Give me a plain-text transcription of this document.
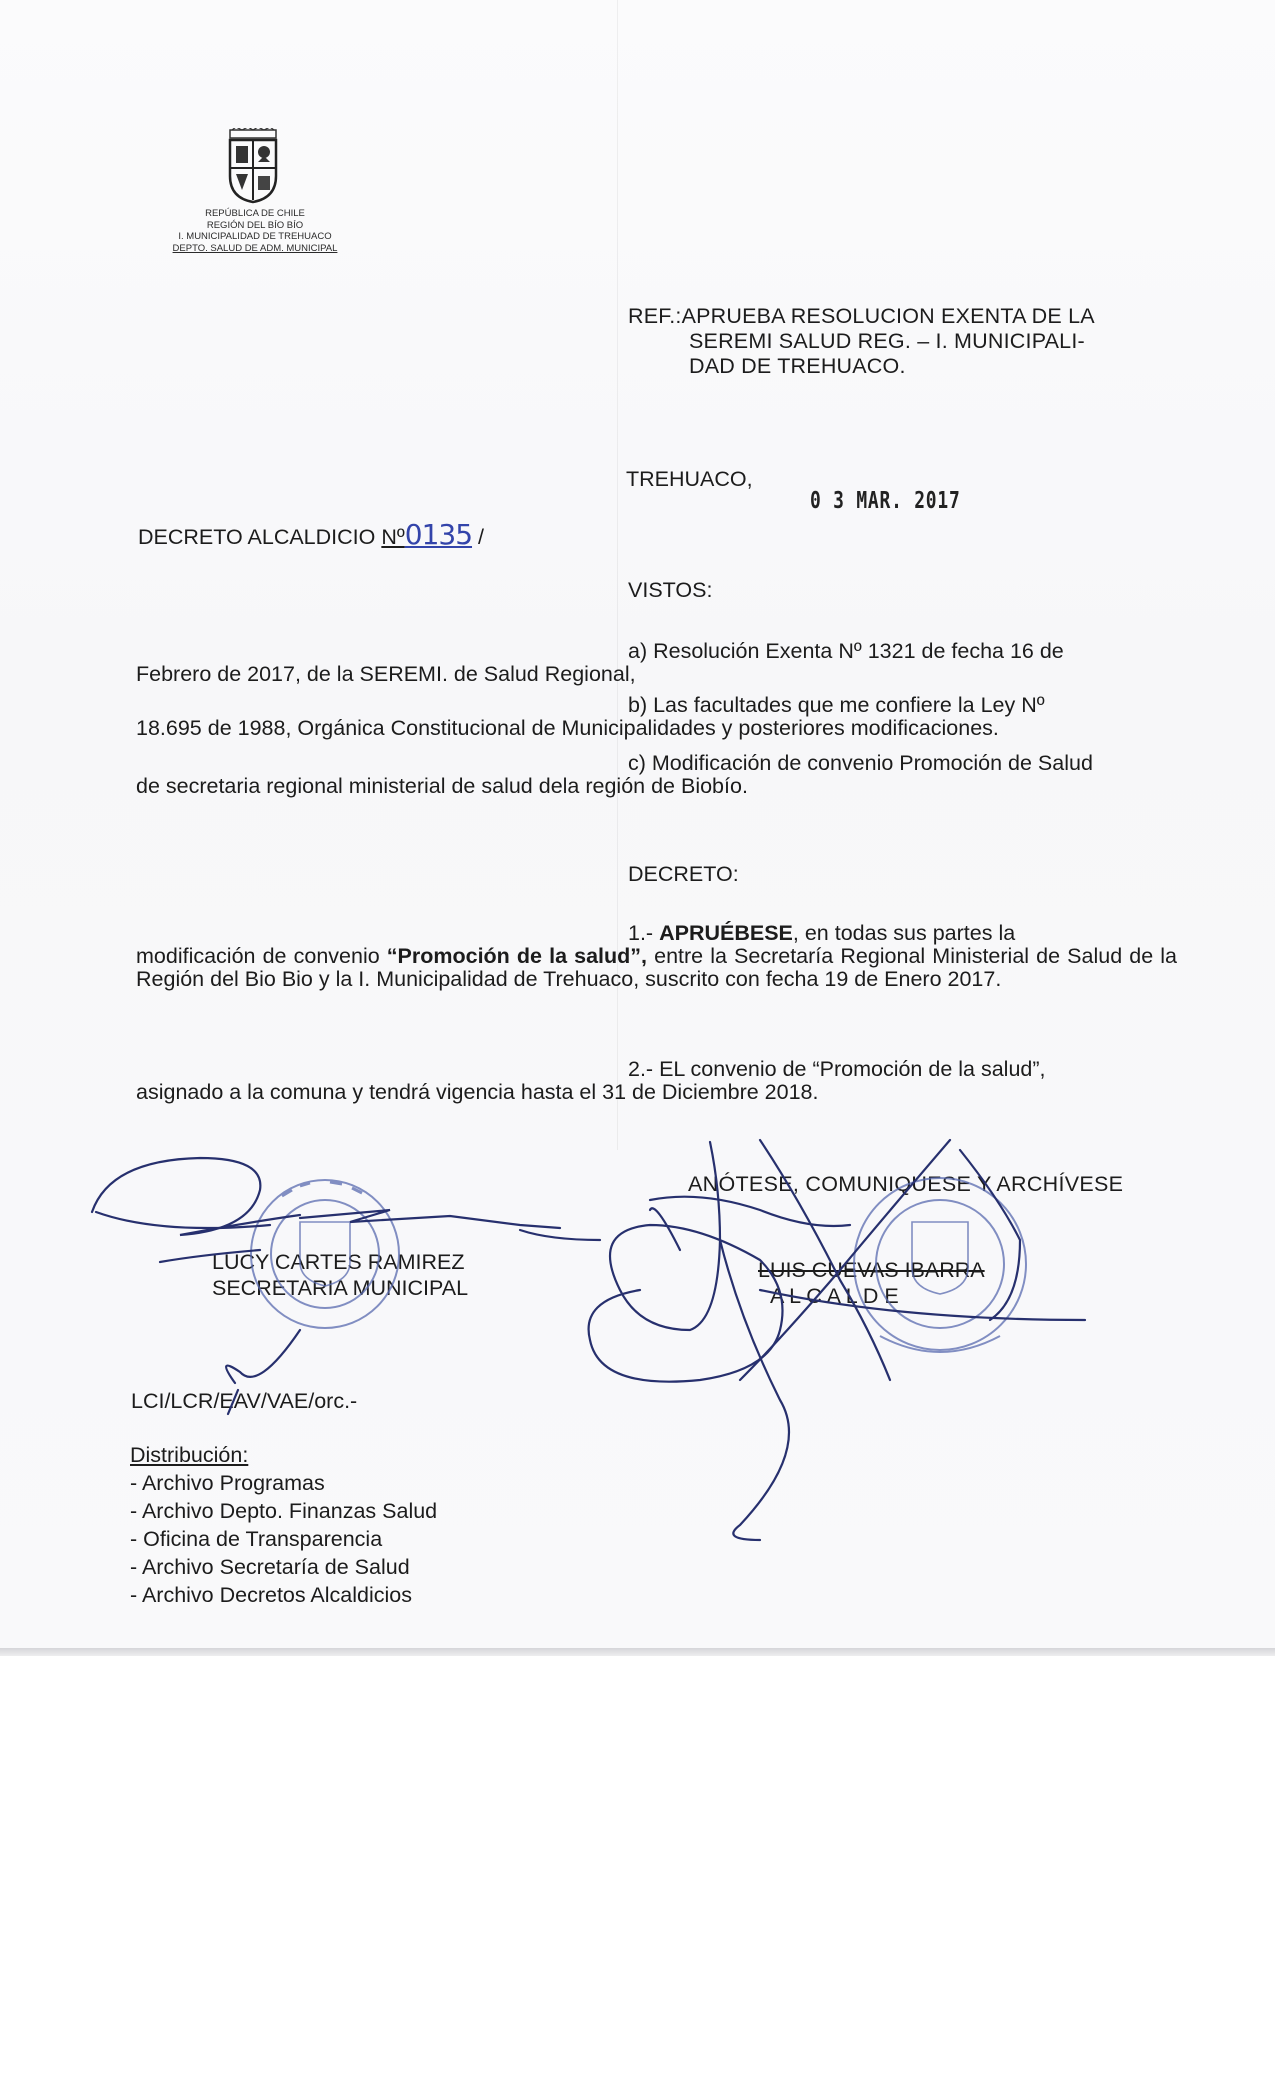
REPÚBLICA DE CHILE
REGIÓN DEL BÍO BÍO
I. MUNICIPALIDAD DE TREHUACO
DEPTO. SALUD DE ADM. MUNICIPAL
REF.:APRUEBA RESOLUCION EXENTA DE LA
SEREMI SALUD REG. – I. MUNICIPALI-
DAD DE TREHUACO.
TREHUACO,
0 3 MAR. 2017
DECRETO ALCALDICIO Nº0135 /
VISTOS:
a) Resolución Exenta Nº 1321 de fecha 16 de
Febrero de 2017, de la SEREMI. de Salud Regional,
b) Las facultades que me confiere la Ley Nº
18.695 de 1988, Orgánica Constitucional de Municipalidades y posteriores modificaciones.
c) Modificación de convenio Promoción de Salud
de secretaria regional ministerial de salud dela región de Biobío.
DECRETO:
1.- APRUÉBESE, en todas sus partes la
modificación de convenio “Promoción de la salud”, entre la Secretaría Regional Ministerial de Salud de la Región del Bio Bio y la I. Municipalidad de Trehuaco, suscrito con fecha 19 de Enero 2017.
2.- EL convenio de “Promoción de la salud”,
asignado a la comuna y tendrá vigencia hasta el 31 de Diciembre 2018.
ANÓTESE, COMUNIQUESE Y ARCHÍVESE
LUCY CARTES RAMIREZ
SECRETARIA MUNICIPAL
LUIS CUEVAS IBARRA
A L C A L D E
LCI/LCR/EAV/VAE/orc.-
Distribución:
- Archivo Programas
- Archivo Depto. Finanzas Salud
- Oficina de Transparencia
- Archivo Secretaría de Salud
- Archivo Decretos Alcaldicios
